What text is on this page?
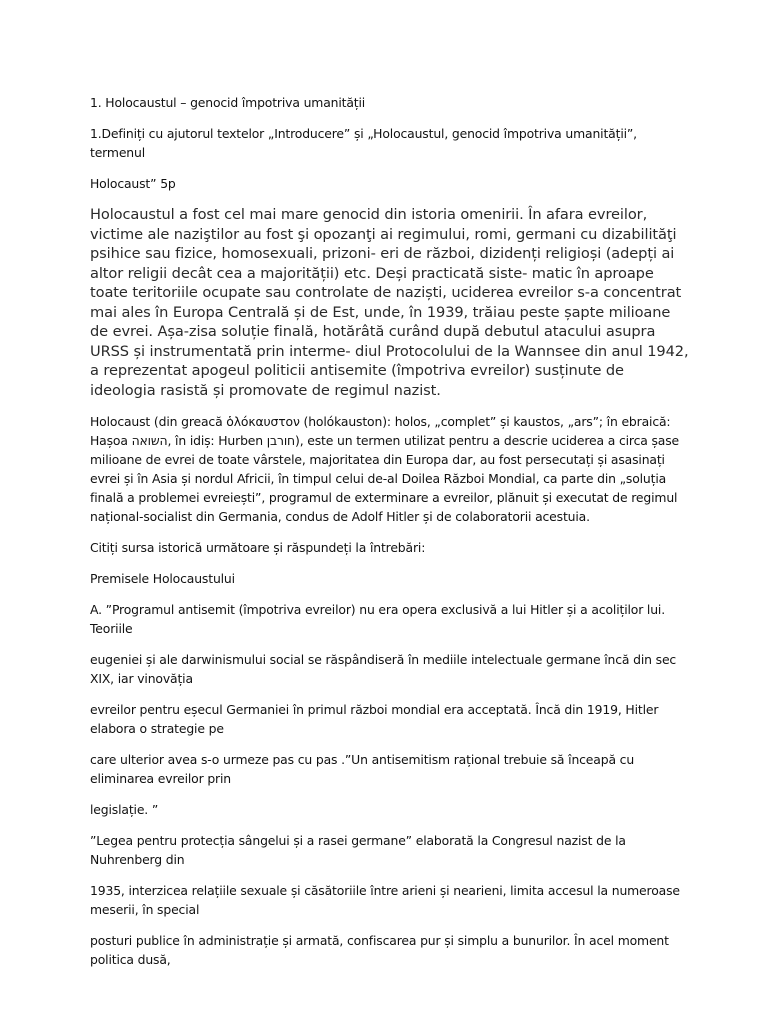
1. Holocaustul – genocid împotriva umanității

1.Definiți cu ajutorul textelor „Introducere” și „Holocaustul, genocid împotriva umanității”, termenul

Holocaust” 5p

Holocaustul a fost cel mai mare genocid din istoria omenirii. În afara evreilor, victime ale naziştilor au fost şi opozanţi ai regimului, romi, germani cu dizabilităţi psihice sau fizice, homosexuali, prizoni- eri de război, dizidenți religioși (adepți ai altor religii decât cea a majorității) etc. Deși practicată siste- matic în aproape toate teritoriile ocupate sau controlate de naziști, uciderea evreilor s-a concentrat mai ales în Europa Centrală și de Est, unde, în 1939, trăiau peste șapte milioane de evrei. Așa-zisa soluție finală, hotărâtă curând după debutul atacului asupra URSS și instrumentată prin interme- diul Protocolului de la Wannsee din anul 1942, a reprezentat apogeul politicii antisemite (împotriva evreilor) susținute de ideologia rasistă și promovate de regimul nazist.

Holocaust (din greacă ὁλόκαυστον (holókauston): holos, „complet” și kaustos, „ars”; în ebraică: Hașoa השואה, în idiș: Hurben חורבן), este un termen utilizat pentru a descrie uciderea a circa șase milioane de evrei de toate vârstele, majoritatea din Europa dar, au fost persecutați și asasinați evrei și în Asia și nordul Africii, în timpul celui de-al Doilea Război Mondial, ca parte din „soluția finală a problemei evreiești”, programul de exterminare a evreilor, plănuit și executat de regimul național-socialist din Germania, condus de Adolf Hitler și de colaboratorii acestuia.

Citiți sursa istorică următoare și răspundeți la întrebări:

Premisele Holocaustului

A. ”Programul antisemit (împotriva evreilor) nu era opera exclusivă a lui Hitler și a acoliților lui. Teoriile

eugeniei și ale darwinismului social se răspândiseră în mediile intelectuale germane încă din sec XIX, iar vinovăția

evreilor pentru eșecul Germaniei în primul război mondial era acceptată. Încă din 1919, Hitler elabora o strategie pe

care ulterior avea s-o urmeze pas cu pas .”Un antisemitism rațional trebuie să înceapă cu eliminarea evreilor prin

legislație. ”

”Legea pentru protecția sângelui și a rasei germane” elaborată la Congresul nazist de la Nuhrenberg din

1935, interzicea relațiile sexuale și căsătoriile între arieni și nearieni, limita accesul la numeroase meserii, în special

posturi publice în administrație și armată, confiscarea pur și simplu a bunurilor. În acel moment politica dusă,
